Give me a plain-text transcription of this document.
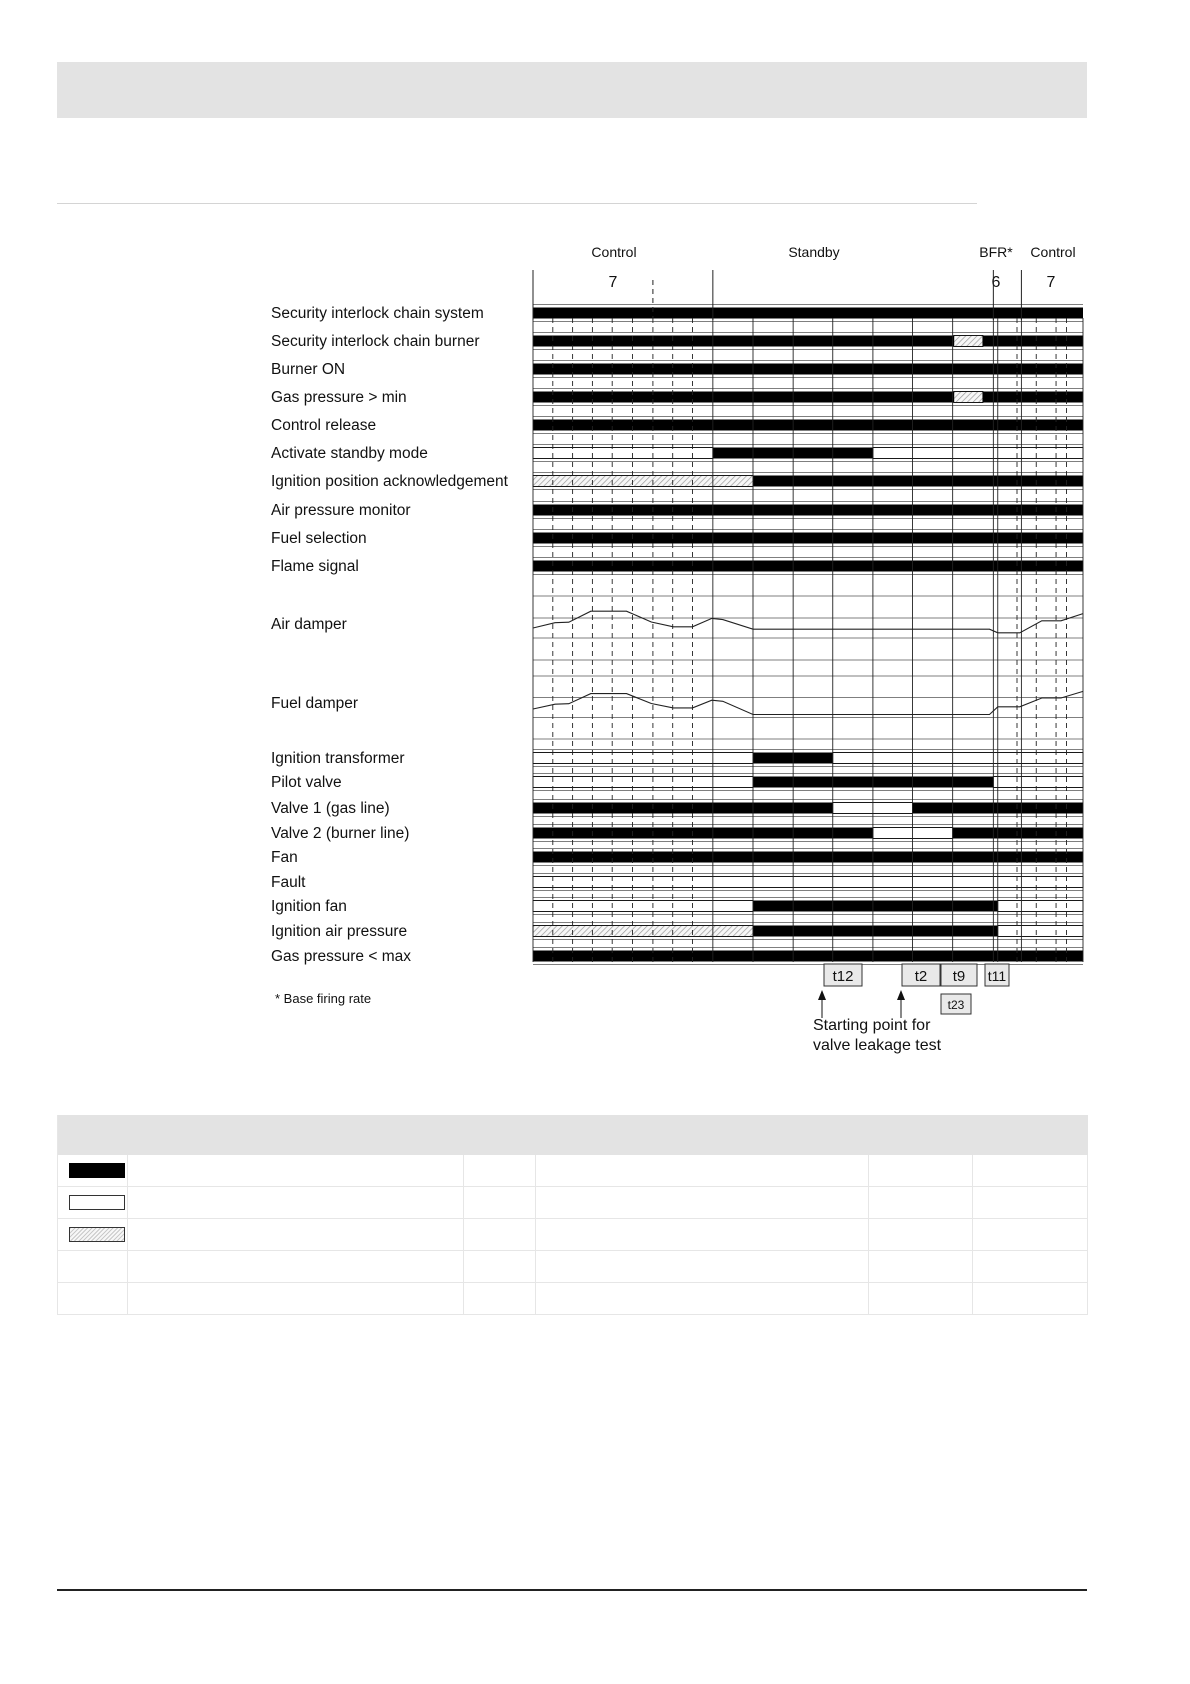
Control	Standby	BFR* Control
7	6	7
Security interlock chain system
Security interlock chain burner
Burner ON
Gas pressure > min
Control release
Activate standby mode
Ignition position acknowledgement
Air pressure monitor
Fuel selection
Flame signal
Air damper
Fuel damper
Ignition transformer
Pilot valve
Valve 1 (gas line)
Valve 2 (burner line)
Fan
Fault
Ignition fan
Ignition air pressure
Gas pressure < max
t12	t2 t9 t11
t23
Starting point for
valve leakage test
* Base firing rate
